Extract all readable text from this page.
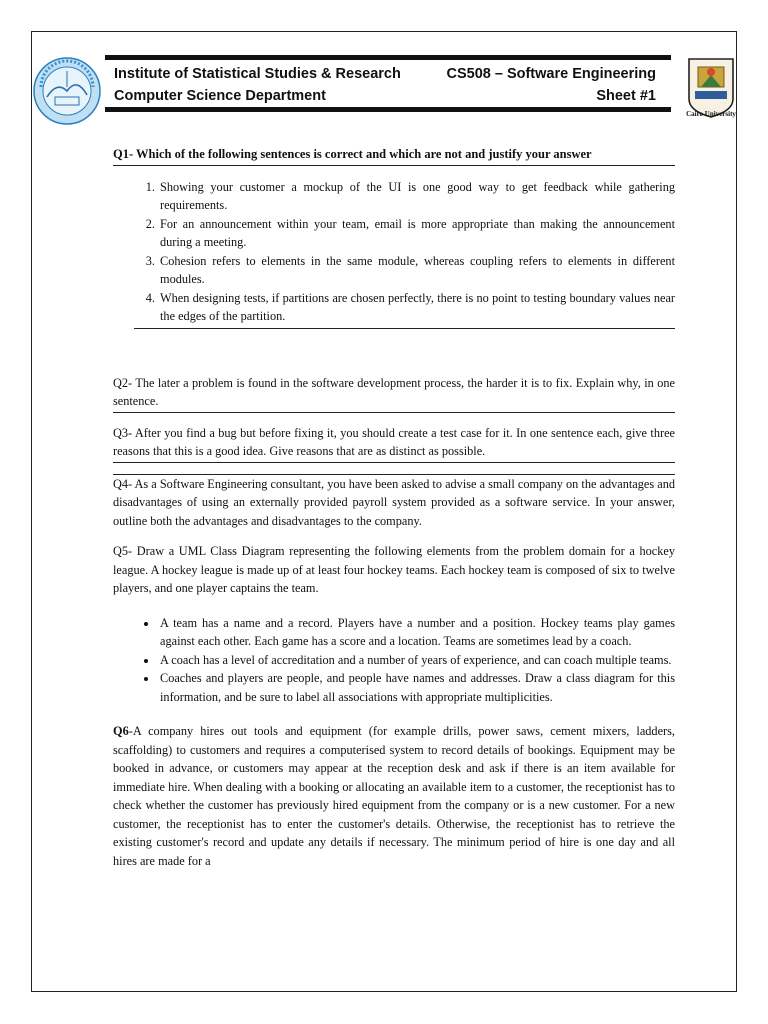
Cairo University
Institute of Statistical Studies & Research
Computer Science Department
CS508 – Software Engineering
Sheet #1
Q1- Which of the following sentences is correct and which are not and justify your answer
1. Showing your customer a mockup of the UI is one good way to get feedback while gathering requirements.
2. For an announcement within your team, email is more appropriate than making the announcement during a meeting.
3. Cohesion refers to elements in the same module, whereas coupling refers to elements in different modules.
4. When designing tests, if partitions are chosen perfectly, there is no point to testing boundary values near the edges of the partition.
Q2- The later a problem is found in the software development process, the harder it is to fix. Explain why, in one sentence.
Q3- After you find a bug but before fixing it, you should create a test case for it. In one sentence each, give three reasons that this is a good idea. Give reasons that are as distinct as possible.
Q4- As a Software Engineering consultant, you have been asked to advise a small company on the advantages and disadvantages of using an externally provided payroll system provided as a software service. In your answer, outline both the advantages and disadvantages to the company.
Q5- Draw a UML Class Diagram representing the following elements from the problem domain for a hockey league. A hockey league is made up of at least four hockey teams. Each hockey team is composed of six to twelve players, and one player captains the team.
• A team has a name and a record. Players have a number and a position. Hockey teams play games against each other. Each game has a score and a location. Teams are sometimes lead by a coach.
• A coach has a level of accreditation and a number of years of experience, and can coach multiple teams.
• Coaches and players are people, and people have names and addresses. Draw a class diagram for this information, and be sure to label all associations with appropriate multiplicities.
Q6-A company hires out tools and equipment (for example drills, power saws, cement mixers, ladders, scaffolding) to customers and requires a computerised system to record details of bookings. Equipment may be booked in advance, or customers may appear at the reception desk and ask if there is an item available for immediate hire. When dealing with a booking or allocating an available item to a customer, the receptionist has to check whether the customer has previously hired equipment from the company or is a new customer. For a new customer, the receptionist has to enter the customer's details. Otherwise, the receptionist has to retrieve the existing customer's record and update any details if necessary. The minimum period of hire is one day and all hires are made for a
